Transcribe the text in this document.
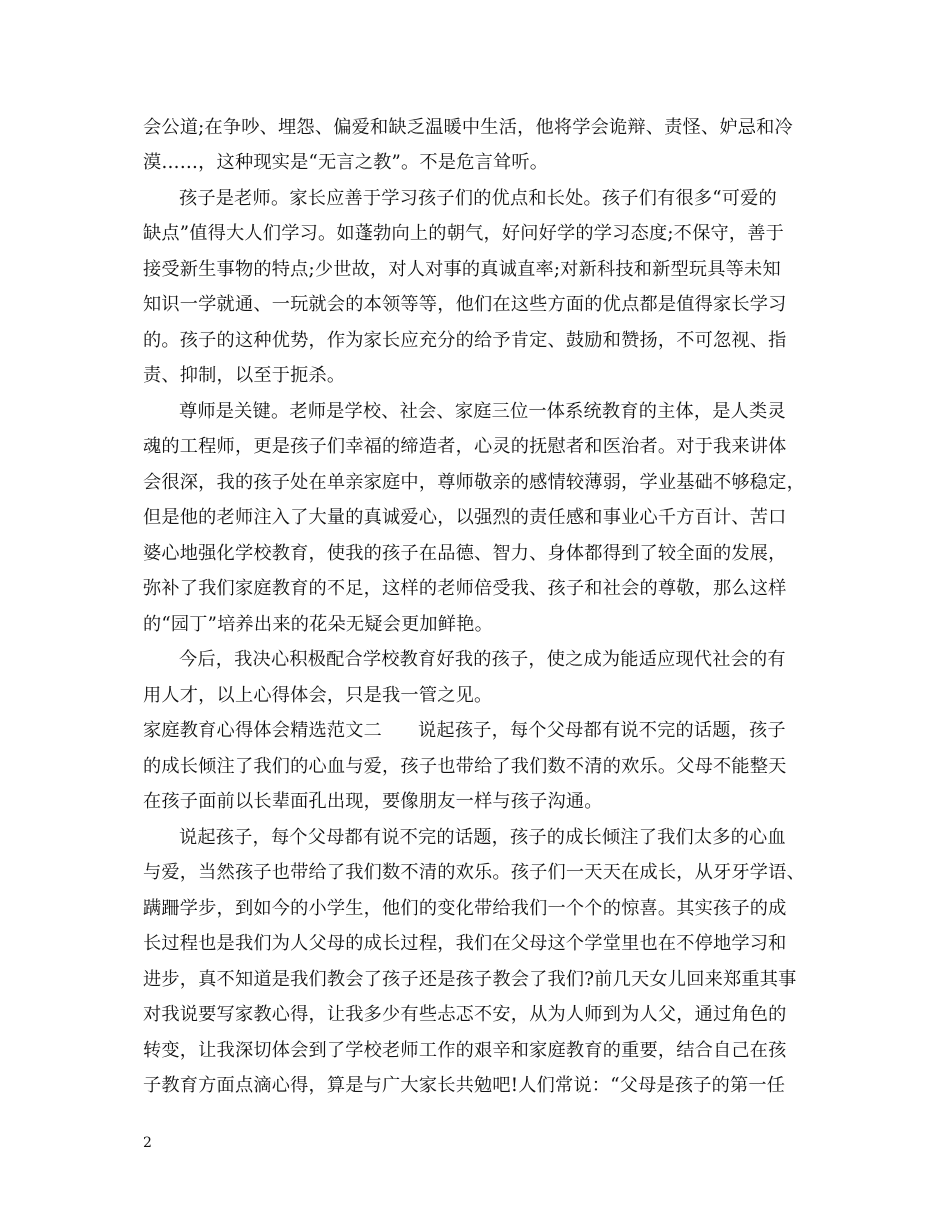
会公道;在争吵、埋怨、偏爱和缺乏温暖中生活，他将学会诡辩、责怪、妒忌和冷
漠……，这种现实是“无言之教”。不是危言耸听。
孩子是老师。家长应善于学习孩子们的优点和长处。孩子们有很多“可爱的
缺点”值得大人们学习。如蓬勃向上的朝气，好问好学的学习态度;不保守，善于
接受新生事物的特点;少世故，对人对事的真诚直率;对新科技和新型玩具等未知
知识一学就通、一玩就会的本领等等，他们在这些方面的优点都是值得家长学习
的。孩子的这种优势，作为家长应充分的给予肯定、鼓励和赞扬，不可忽视、指
责、抑制，以至于扼杀。
尊师是关键。老师是学校、社会、家庭三位一体系统教育的主体，是人类灵
魂的工程师，更是孩子们幸福的缔造者，心灵的抚慰者和医治者。对于我来讲体
会很深，我的孩子处在单亲家庭中，尊师敬亲的感情较薄弱，学业基础不够稳定，
但是他的老师注入了大量的真诚爱心，以强烈的责任感和事业心千方百计、苦口
婆心地强化学校教育，使我的孩子在品德、智力、身体都得到了较全面的发展，
弥补了我们家庭教育的不足，这样的老师倍受我、孩子和社会的尊敬，那么这样
的“园丁”培养出来的花朵无疑会更加鲜艳。
今后，我决心积极配合学校教育好我的孩子，使之成为能适应现代社会的有
用人才，以上心得体会，只是我一管之见。
家庭教育心得体会精选范文二 说起孩子，每个父母都有说不完的话题，孩子
的成长倾注了我们的心血与爱，孩子也带给了我们数不清的欢乐。父母不能整天
在孩子面前以长辈面孔出现，要像朋友一样与孩子沟通。
说起孩子，每个父母都有说不完的话题，孩子的成长倾注了我们太多的心血
与爱，当然孩子也带给了我们数不清的欢乐。孩子们一天天在成长，从牙牙学语、
蹒跚学步，到如今的小学生，他们的变化带给我们一个个的惊喜。其实孩子的成
长过程也是我们为人父母的成长过程，我们在父母这个学堂里也在不停地学习和
进步，真不知道是我们教会了孩子还是孩子教会了我们?前几天女儿回来郑重其事
对我说要写家教心得，让我多少有些忐忑不安，从为人师到为人父，通过角色的
转变，让我深切体会到了学校老师工作的艰辛和家庭教育的重要，结合自己在孩
子教育方面点滴心得，算是与广大家长共勉吧!人们常说：“父母是孩子的第一任
2
